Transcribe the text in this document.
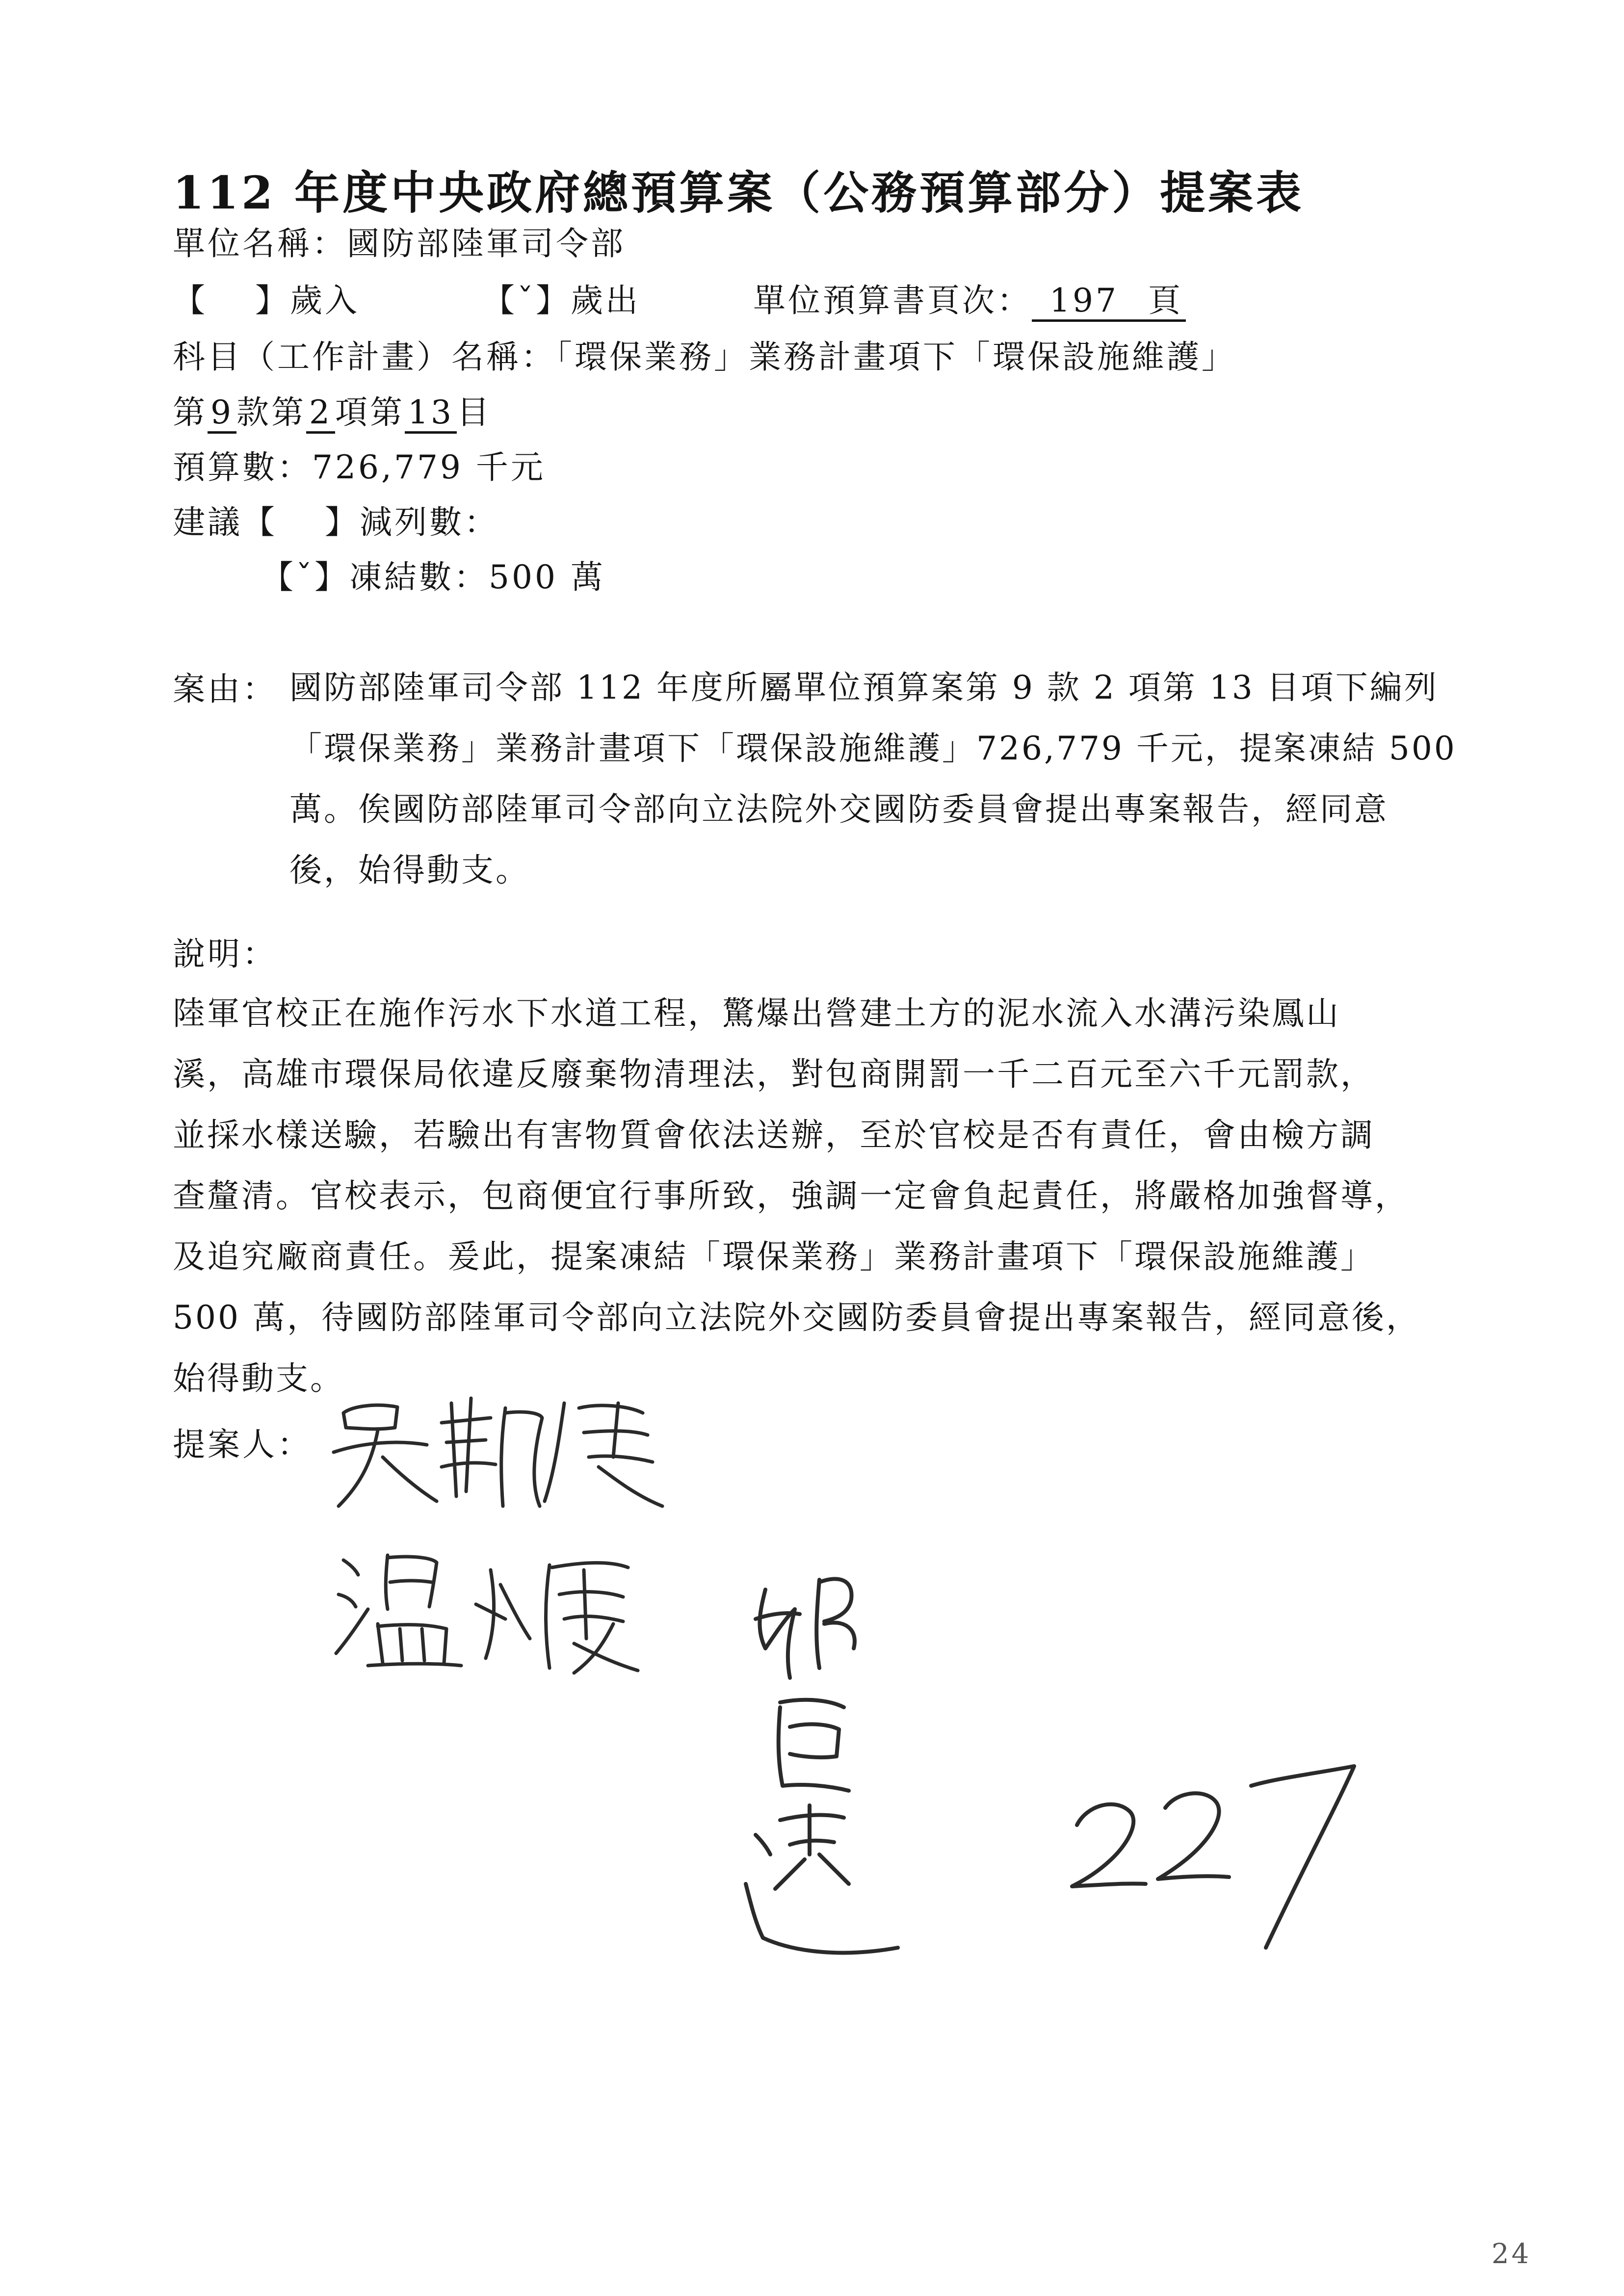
112 年度中央政府總預算案（公務預算部分）提案表
單位名稱：國防部陸軍司令部
【　 】歲入	【ˇ】歲出	單位預算書頁次： 197 頁
科目（工作計畫）名稱：「環保業務」業務計畫項下「環保設施維護」
第9款第2項第13目
預算數：726,779 千元
建議【 　】減列數：
【ˇ】凍結數：500 萬
案由： 國防部陸軍司令部 112 年度所屬單位預算案第 9 款 2 項第 13 目項下編列
「環保業務」業務計畫項下「環保設施維護」726,779 千元，提案凍結 500
萬。俟國防部陸軍司令部向立法院外交國防委員會提出專案報告，經同意
後，始得動支。
說明：
陸軍官校正在施作污水下水道工程，驚爆出營建土方的泥水流入水溝污染鳳山
溪，高雄市環保局依違反廢棄物清理法，對包商開罰一千二百元至六千元罰款，
並採水樣送驗，若驗出有害物質會依法送辦，至於官校是否有責任，會由檢方調
查釐清。官校表示，包商便宜行事所致，強調一定會負起責任，將嚴格加強督導，
及追究廠商責任。爰此，提案凍結「環保業務」業務計畫項下「環保設施維護」
500 萬，待國防部陸軍司令部向立法院外交國防委員會提出專案報告，經同意後，
始得動支。
提案人：
24
